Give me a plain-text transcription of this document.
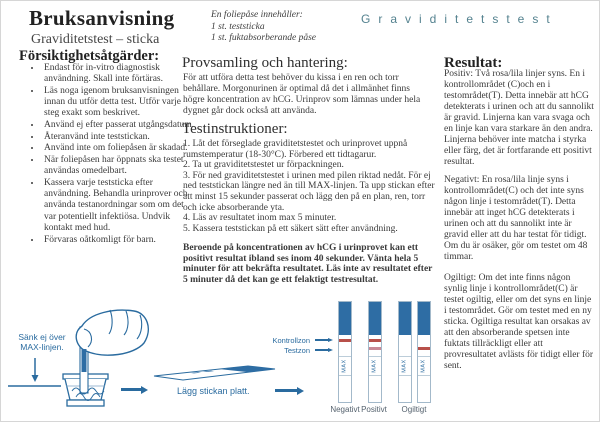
Bruksanvisning
Graviditetstest – sticka
Försiktighetsåtgärder:
• Endast för in-vitro diagnostisk användning. Skall inte förtäras.
• Läs noga igenom bruksanvisningen innan du utför detta test. Utför varje steg exakt som beskrivet.
• Använd ej efter passerat utgångsdatum.
• Återanvänd inte teststickan.
• Använd inte om foliepåsen är skadad.
• När foliepåsen har öppnats ska testet användas omedelbart.
• Kassera varje teststicka efter användning. Behandla urinprover och använda testanordningar som om det var potentiellt infektiösa. Undvik kontakt med hud.
• Förvaras oåtkomligt för barn.
En foliepåse innehåller:
1 st. teststicka
1 st. fuktabsorberande påse
Provsamling och hantering:
För att utföra detta test behöver du kissa i en ren och torr behållare. Morgonurinen är optimal då det i allmänhet finns högre koncentration av hCG. Urinprov som lämnas under hela dygnet går dock också att använda.
Testinstruktioner:
1. Låt det förseglade graviditetstestet och urinprovet uppnå rumstemperatur (18-30°C). Förbered ett tidtagarur.
2. Ta ut graviditetstestet ur förpackningen.
3. För ned graviditetstestet i urinen med pilen riktad nedåt. För ej ned teststickan längre ned än till MAX-linjen. Ta upp stickan efter att minst 15 sekunder passerat och lägg den på en plan, ren, torr och icke absorberande yta.
4. Läs av resultatet inom max 5 minuter.
5. Kassera teststickan på ett säkert sätt efter användning.
Beroende på koncentrationen av hCG i urinprovet kan ett positivt resultat ibland ses inom 40 sekunder. Vänta hela 5 minuter för att bekräfta resultatet. Läs inte av resultatet efter 5 minuter då det kan ge ett felaktigt testresultat.
Graviditetstest
Resultat:
Positiv: Två rosa/lila linjer syns. En i kontrollområdet (C)och en i testområdet(T). Detta innebär att hCG detekterats i urinen och att du sannolikt är gravid. Linjerna kan vara svaga och en linje kan vara starkare än den andra. Linjerna behöver inte matcha i styrka eller färg, det är fortfarande ett positivt resultat.
Negativt: En rosa/lila linje syns i kontrollområdet(C) och det inte syns någon linje i testområdet(T). Detta innebär att inget hCG detekterats i urinen och att du sannolikt inte är gravid eller att du har testat för tidigt. Om du är osäker, gör om testet om 48 timmar.
Ogiltigt: Om det inte finns någon synlig linje i kontrollområdet(C) är testet ogiltig, eller om det syns en linje i testområdet. Gör om testet med en ny sticka. Ogiltiga resultat kan orsakas av att den absorberande spetsen inte fuktats tillräckligt eller att provresultatet avlästs för tidigt eller för sent.
Sänk ej över MAX-linjen.
Lägg stickan platt.
Kontrollzon
Testzon
MAX	MAX	MAX MAX
Negativt Positivt	Ogiltigt
